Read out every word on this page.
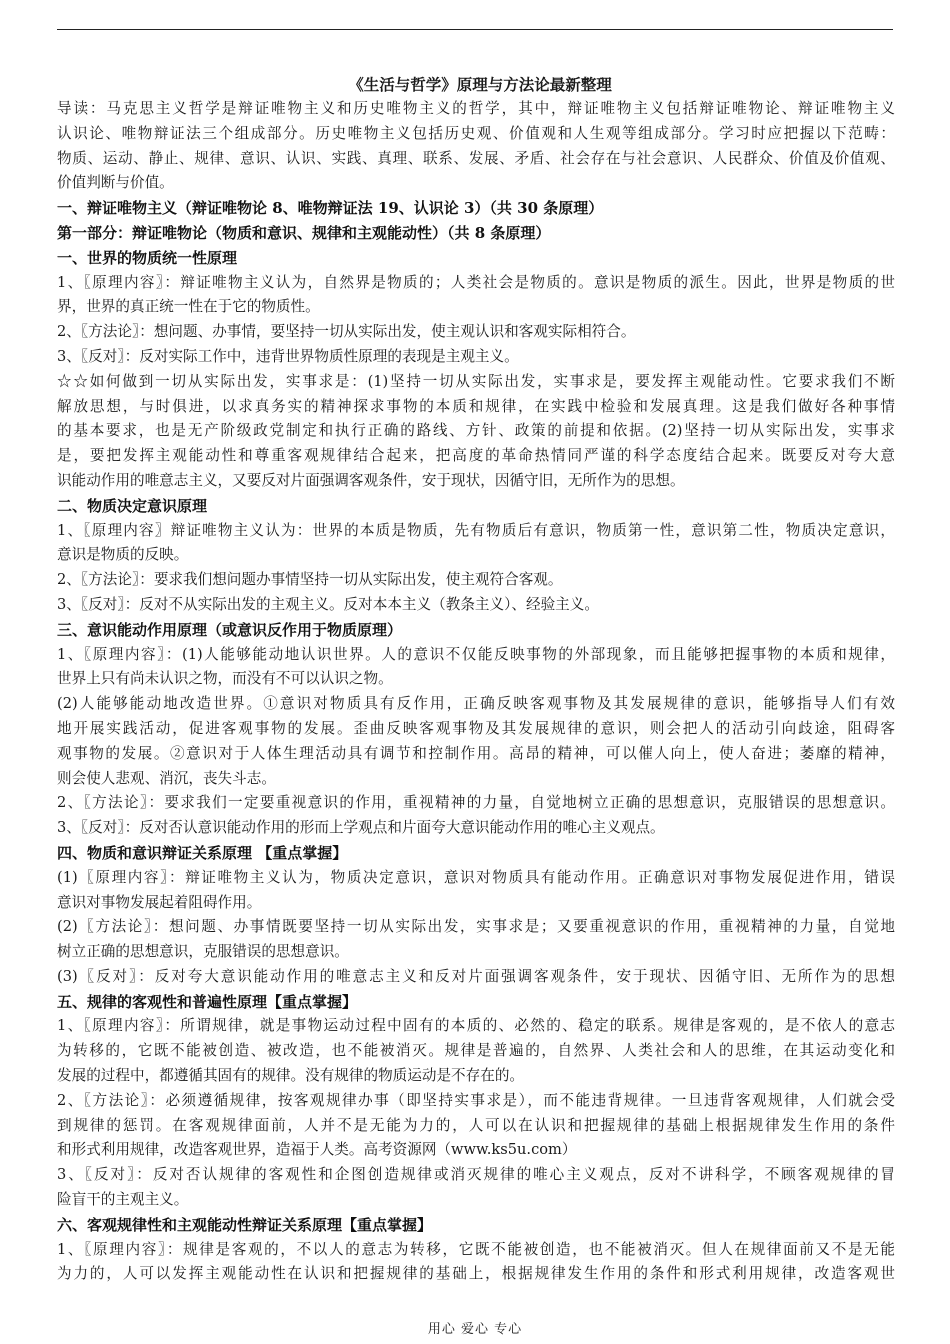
《生活与哲学》原理与方法论最新整理
导读：马克思主义哲学是辩证唯物主义和历史唯物主义的哲学，其中，辩证唯物主义包括辩证唯物论、辩证唯物主义
认识论、唯物辩证法三个组成部分。历史唯物主义包括历史观、价值观和人生观等组成部分。学习时应把握以下范畴：
物质、运动、静止、规律、意识、认识、实践、真理、联系、发展、矛盾、社会存在与社会意识、人民群众、价值及价值观、
价值判断与价值。
一、辩证唯物主义（辩证唯物论 8、唯物辩证法 19、认识论 3）（共 30 条原理）
第一部分：辩证唯物论（物质和意识、规律和主观能动性）（共 8 条原理）
一、世界的物质统一性原理
1、〖原理内容〗：辩证唯物主义认为，自然界是物质的；人类社会是物质的。意识是物质的派生。因此，世界是物质的世
界，世界的真正统一性在于它的物质性。
2、〖方法论〗：想问题、办事情，要坚持一切从实际出发，使主观认识和客观实际相符合。
3、〖反对〗：反对实际工作中，违背世界物质性原理的表现是主观主义。
☆☆如何做到一切从实际出发，实事求是：(1)坚持一切从实际出发，实事求是，要发挥主观能动性。它要求我们不断
解放思想，与时俱进，以求真务实的精神探求事物的本质和规律，在实践中检验和发展真理。这是我们做好各种事情
的基本要求，也是无产阶级政党制定和执行正确的路线、方针、政策的前提和依据。(2)坚持一切从实际出发，实事求
是，要把发挥主观能动性和尊重客观规律结合起来，把高度的革命热情同严谨的科学态度结合起来。既要反对夸大意
识能动作用的唯意志主义，又要反对片面强调客观条件，安于现状，因循守旧，无所作为的思想。
二、物质决定意识原理
1、〖原理内容〗辩证唯物主义认为：世界的本质是物质，先有物质后有意识，物质第一性，意识第二性，物质决定意识，
意识是物质的反映。
2、〖方法论〗：要求我们想问题办事情坚持一切从实际出发，使主观符合客观。
3、〖反对〗：反对不从实际出发的主观主义。反对本本主义（教条主义）、经验主义。
三、意识能动作用原理（或意识反作用于物质原理）
1、〖原理内容〗：(1)人能够能动地认识世界。人的意识不仅能反映事物的外部现象，而且能够把握事物的本质和规律，
世界上只有尚未认识之物，而没有不可以认识之物。
(2)人能够能动地改造世界。①意识对物质具有反作用，正确反映客观事物及其发展规律的意识，能够指导人们有效
地开展实践活动，促进客观事物的发展。歪曲反映客观事物及其发展规律的意识，则会把人的活动引向歧途，阻碍客
观事物的发展。②意识对于人体生理活动具有调节和控制作用。高昂的精神，可以催人向上，使人奋进；萎靡的精神，
则会使人悲观、消沉，丧失斗志。
2、〖方法论〗：要求我们一定要重视意识的作用，重视精神的力量，自觉地树立正确的思想意识，克服错误的思想意识。
3、〖反对〗：反对否认意识能动作用的形而上学观点和片面夸大意识能动作用的唯心主义观点。
四、物质和意识辩证关系原理 【重点掌握】
(1)〖原理内容〗：辩证唯物主义认为，物质决定意识，意识对物质具有能动作用。正确意识对事物发展促进作用，错误
意识对事物发展起着阻碍作用。
(2)〖方法论〗：想问题、办事情既要坚持一切从实际出发，实事求是；又要重视意识的作用，重视精神的力量，自觉地
树立正确的思想意识，克服错误的思想意识。
(3)〖反对〗：反对夸大意识能动作用的唯意志主义和反对片面强调客观条件，安于现状、因循守旧、无所作为的思想
五、规律的客观性和普遍性原理【重点掌握】
1、〖原理内容〗：所谓规律，就是事物运动过程中固有的本质的、必然的、稳定的联系。规律是客观的，是不依人的意志
为转移的，它既不能被创造、被改造，也不能被消灭。规律是普遍的，自然界、人类社会和人的思维，在其运动变化和
发展的过程中，都遵循其固有的规律。没有规律的物质运动是不存在的。
2、〖方法论〗：必须遵循规律，按客观规律办事（即坚持实事求是），而不能违背规律。一旦违背客观规律，人们就会受
到规律的惩罚。在客观规律面前，人并不是无能为力的，人可以在认识和把握规律的基础上根据规律发生作用的条件
和形式利用规律，改造客观世界，造福于人类。高考资源网（www.ks5u.com）
3、〖反对〗：反对否认规律的客观性和企图创造规律或消灭规律的唯心主义观点，反对不讲科学，不顾客观规律的冒
险盲干的主观主义。
六、客观规律性和主观能动性辩证关系原理【重点掌握】
1、〖原理内容〗：规律是客观的，不以人的意志为转移，它既不能被创造，也不能被消灭。但人在规律面前又不是无能
为力的，人可以发挥主观能动性在认识和把握规律的基础上，根据规律发生作用的条件和形式利用规律，改造客观世
用心 爱心 专心
